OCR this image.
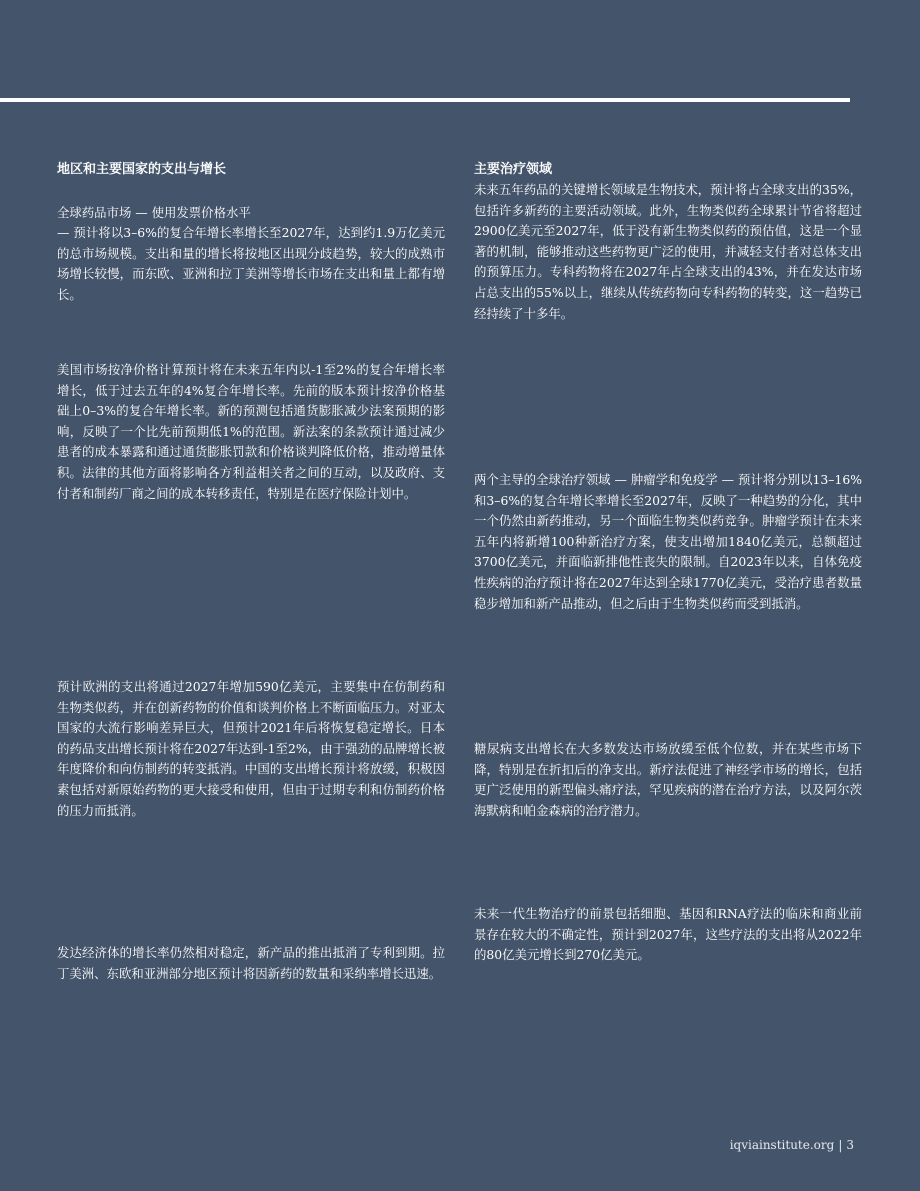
地区和主要国家的支出与增长
全球药品市场 — 使用发票价格水平
— 预计将以3–6%的复合年增长率增长至2027年，达到约1.9万亿美元的总市场规模。支出和量的增长将按地区出现分歧趋势，较大的成熟市场增长较慢，而东欧、亚洲和拉丁美洲等增长市场在支出和量上都有增长。
美国市场按净价格计算预计将在未来五年内以-1至2%的复合年增长率增长，低于过去五年的4%复合年增长率。先前的版本预计按净价格基础上0–3%的复合年增长率。新的预测包括通货膨胀减少法案预期的影响，反映了一个比先前预期低1%的范围。新法案的条款预计通过减少患者的成本暴露和通过通货膨胀罚款和价格谈判降低价格，推动增量体积。法律的其他方面将影响各方利益相关者之间的互动，以及政府、支付者和制药厂商之间的成本转移责任，特别是在医疗保险计划中。
预计欧洲的支出将通过2027年增加590亿美元，主要集中在仿制药和生物类似药，并在创新药物的价值和谈判价格上不断面临压力。对亚太国家的大流行影响差异巨大，但预计2021年后将恢复稳定增长。日本的药品支出增长预计将在2027年达到-1至2%，由于强劲的品牌增长被年度降价和向仿制药的转变抵消。中国的支出增长预计将放缓，积极因素包括对新原始药物的更大接受和使用，但由于过期专利和仿制药价格的压力而抵消。
发达经济体的增长率仍然相对稳定，新产品的推出抵消了专利到期。拉丁美洲、东欧和亚洲部分地区预计将因新药的数量和采纳率增长迅速。
主要治疗领域
未来五年药品的关键增长领域是生物技术，预计将占全球支出的35%，包括许多新药的主要活动领域。此外，生物类似药全球累计节省将超过2900亿美元至2027年，低于没有新生物类似药的预估值，这是一个显著的机制，能够推动这些药物更广泛的使用，并减轻支付者对总体支出的预算压力。专科药物将在2027年占全球支出的43%，并在发达市场占总支出的55%以上，继续从传统药物向专科药物的转变，这一趋势已经持续了十多年。
两个主导的全球治疗领域 — 肿瘤学和免疫学 — 预计将分别以13–16%和3–6%的复合年增长率增长至2027年，反映了一种趋势的分化，其中一个仍然由新药推动，另一个面临生物类似药竞争。肿瘤学预计在未来五年内将新增100种新治疗方案，使支出增加1840亿美元，总额超过3700亿美元，并面临新排他性丧失的限制。自2023年以来，自体免疫性疾病的治疗预计将在2027年达到全球1770亿美元，受治疗患者数量稳步增加和新产品推动，但之后由于生物类似药而受到抵消。
糖尿病支出增长在大多数发达市场放缓至低个位数，并在某些市场下降，特别是在折扣后的净支出。新疗法促进了神经学市场的增长，包括更广泛使用的新型偏头痛疗法，罕见疾病的潜在治疗方法，以及阿尔茨海默病和帕金森病的治疗潜力。
未来一代生物治疗的前景包括细胞、基因和RNA疗法的临床和商业前景存在较大的不确定性，预计到2027年，这些疗法的支出将从2022年的80亿美元增长到270亿美元。
iqviainstitute.org | 3
